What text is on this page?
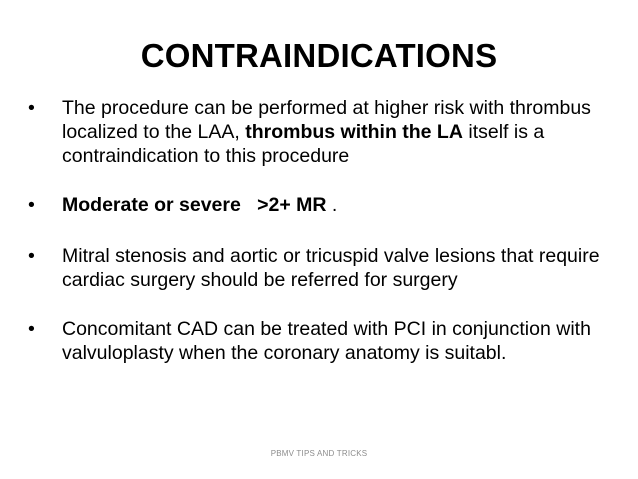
CONTRAINDICATIONS
•	The procedure can be performed at higher risk with thrombus localized to the LAA, thrombus within the LA itself is a contraindication to this procedure
•	Moderate or severe   >2+ MR .
•	Mitral stenosis and aortic or tricuspid valve lesions that require cardiac surgery should be referred for surgery
•	Concomitant CAD can be treated with PCI in conjunction with valvuloplasty when the coronary anatomy is suitabl.
PBMV TIPS AND TRICKS
